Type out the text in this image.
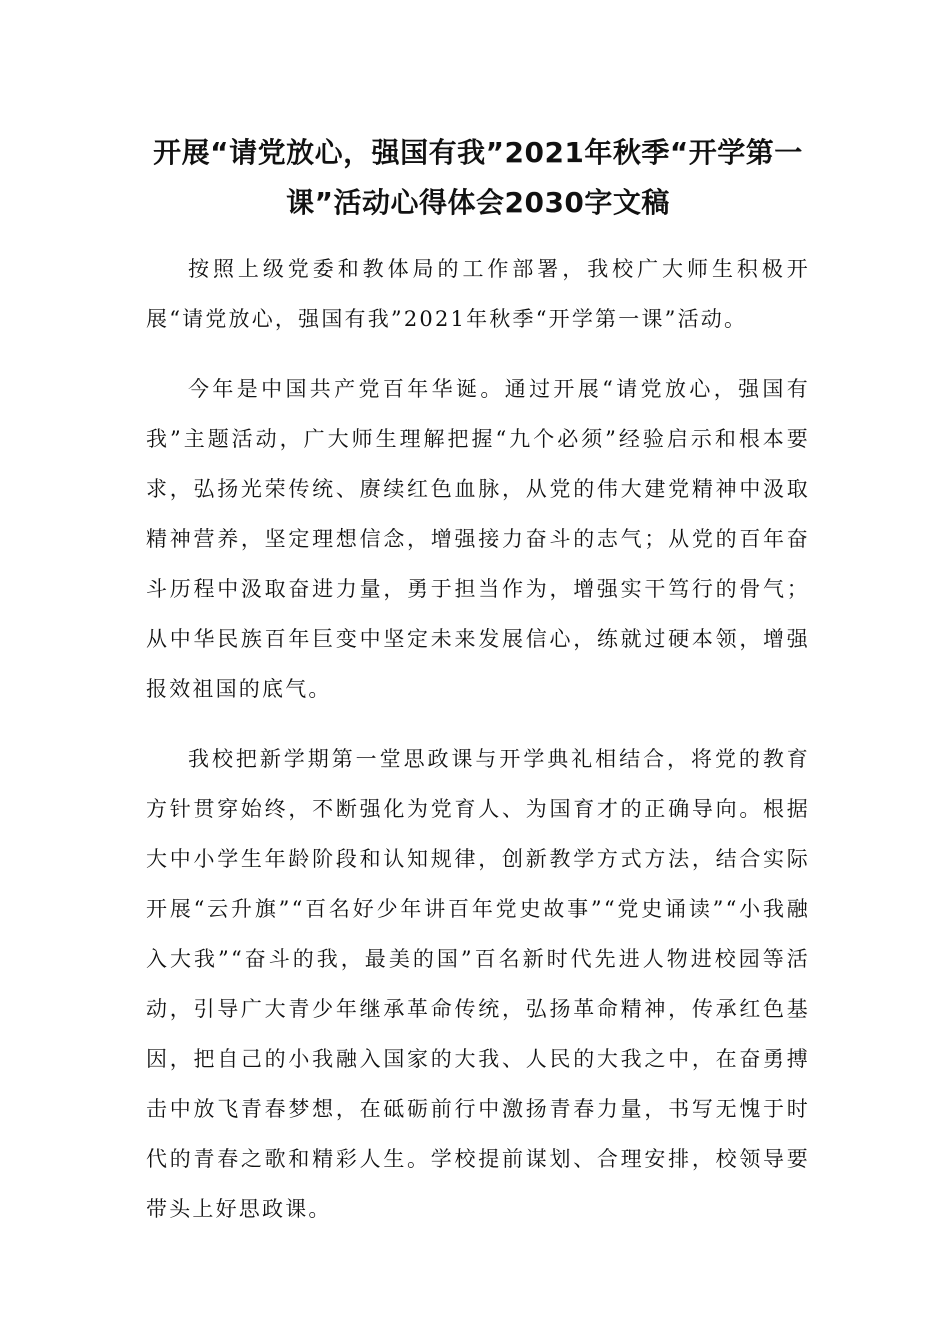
开展“请党放心，强国有我”2021年秋季“开学第一课”活动心得体会2030字文稿

按照上级党委和教体局的工作部署，我校广大师生积极开展“请党放心，强国有我”2021年秋季“开学第一课”活动。

今年是中国共产党百年华诞。通过开展“请党放心，强国有我”主题活动，广大师生理解把握“九个必须”经验启示和根本要求，弘扬光荣传统、赓续红色血脉，从党的伟大建党精神中汲取精神营养，坚定理想信念，增强接力奋斗的志气；从党的百年奋斗历程中汲取奋进力量，勇于担当作为，增强实干笃行的骨气；从中华民族百年巨变中坚定未来发展信心，练就过硬本领，增强报效祖国的底气。

我校把新学期第一堂思政课与开学典礼相结合，将党的教育方针贯穿始终，不断强化为党育人、为国育才的正确导向。根据大中小学生年龄阶段和认知规律，创新教学方式方法，结合实际开展“云升旗”“百名好少年讲百年党史故事”“党史诵读”“小我融入大我”“奋斗的我，最美的国”百名新时代先进人物进校园等活动，引导广大青少年继承革命传统，弘扬革命精神，传承红色基因，把自己的小我融入国家的大我、人民的大我之中，在奋勇搏击中放飞青春梦想，在砥砺前行中激扬青春力量，书写无愧于时代的青春之歌和精彩人生。学校提前谋划、合理安排，校领导要带头上好思政课。
